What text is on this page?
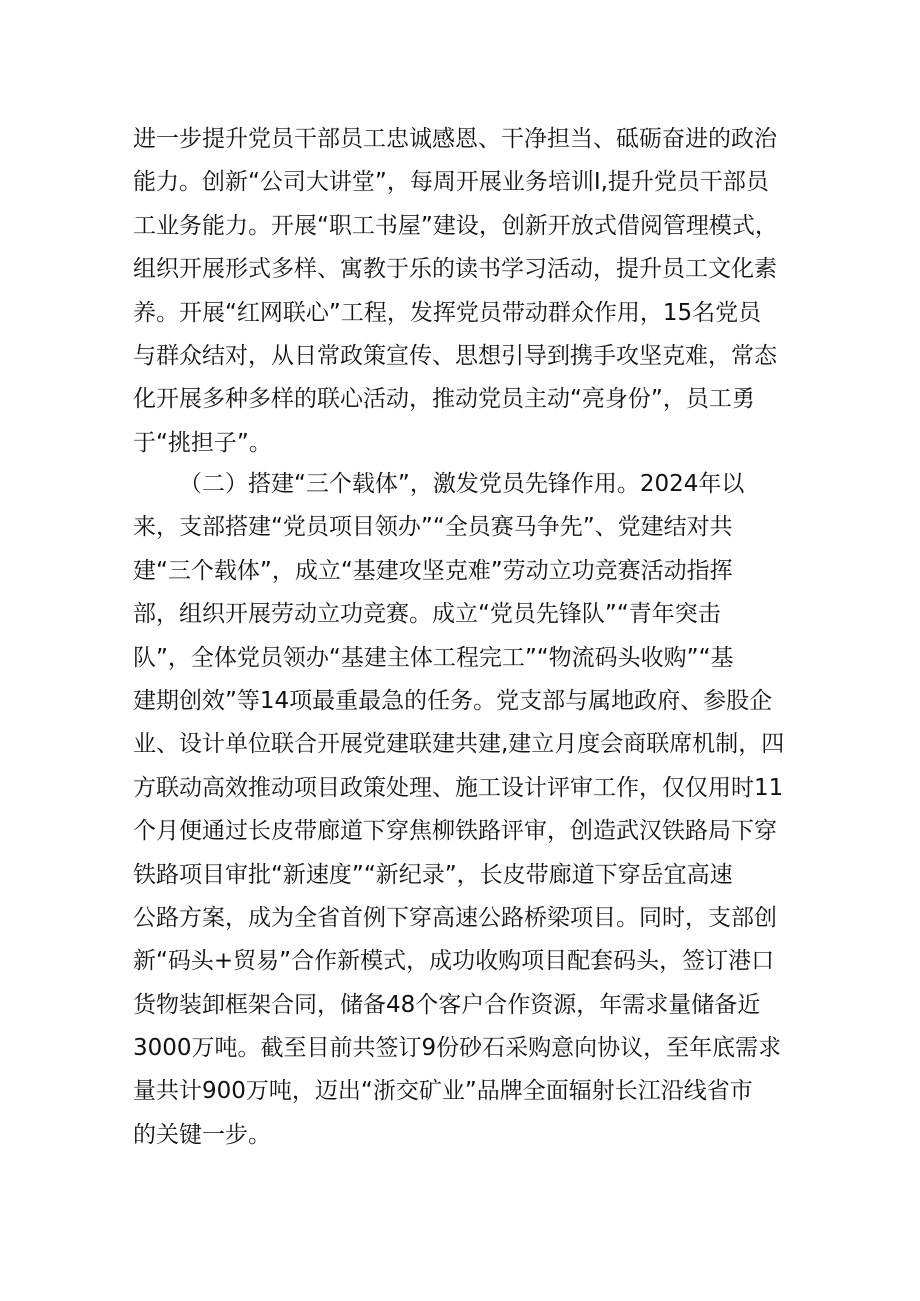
进一步提升党员干部员工忠诚感恩、干净担当、砥砺奋进的政治
能力。创新“公司大讲堂”，每周开展业务培训Ⅰ,提升党员干部员
工业务能力。开展“职工书屋”建设，创新开放式借阅管理模式，
组织开展形式多样、寓教于乐的读书学习活动，提升员工文化素
养。开展“红网联心”工程，发挥党员带动群众作用，15名党员
与群众结对，从日常政策宣传、思想引导到携手攻坚克难，常态
化开展多种多样的联心活动，推动党员主动“亮身份”，员工勇
于“挑担子”。
（二）搭建“三个载体”，激发党员先锋作用。2024年以
来，支部搭建“党员项目领办”“全员赛马争先”、党建结对共
建“三个载体”，成立“基建攻坚克难”劳动立功竞赛活动指挥
部，组织开展劳动立功竞赛。成立“党员先锋队”“青年突击
队”，全体党员领办“基建主体工程完工”“物流码头收购”“基
建期创效”等14项最重最急的任务。党支部与属地政府、参股企
业、设计单位联合开展党建联建共建,建立月度会商联席机制，四
方联动高效推动项目政策处理、施工设计评审工作，仅仅用时11
个月便通过长皮带廊道下穿焦柳铁路评审，创造武汉铁路局下穿
铁路项目审批“新速度”“新纪录”，长皮带廊道下穿岳宜高速
公路方案，成为全省首例下穿高速公路桥梁项目。同时，支部创
新“码头+贸易”合作新模式，成功收购项目配套码头，签订港口
货物装卸框架合同，储备48个客户合作资源，年需求量储备近
3000万吨。截至目前共签订9份砂石采购意向协议，至年底需求
量共计900万吨，迈出“浙交矿业”品牌全面辐射长江沿线省市
的关键一步。
